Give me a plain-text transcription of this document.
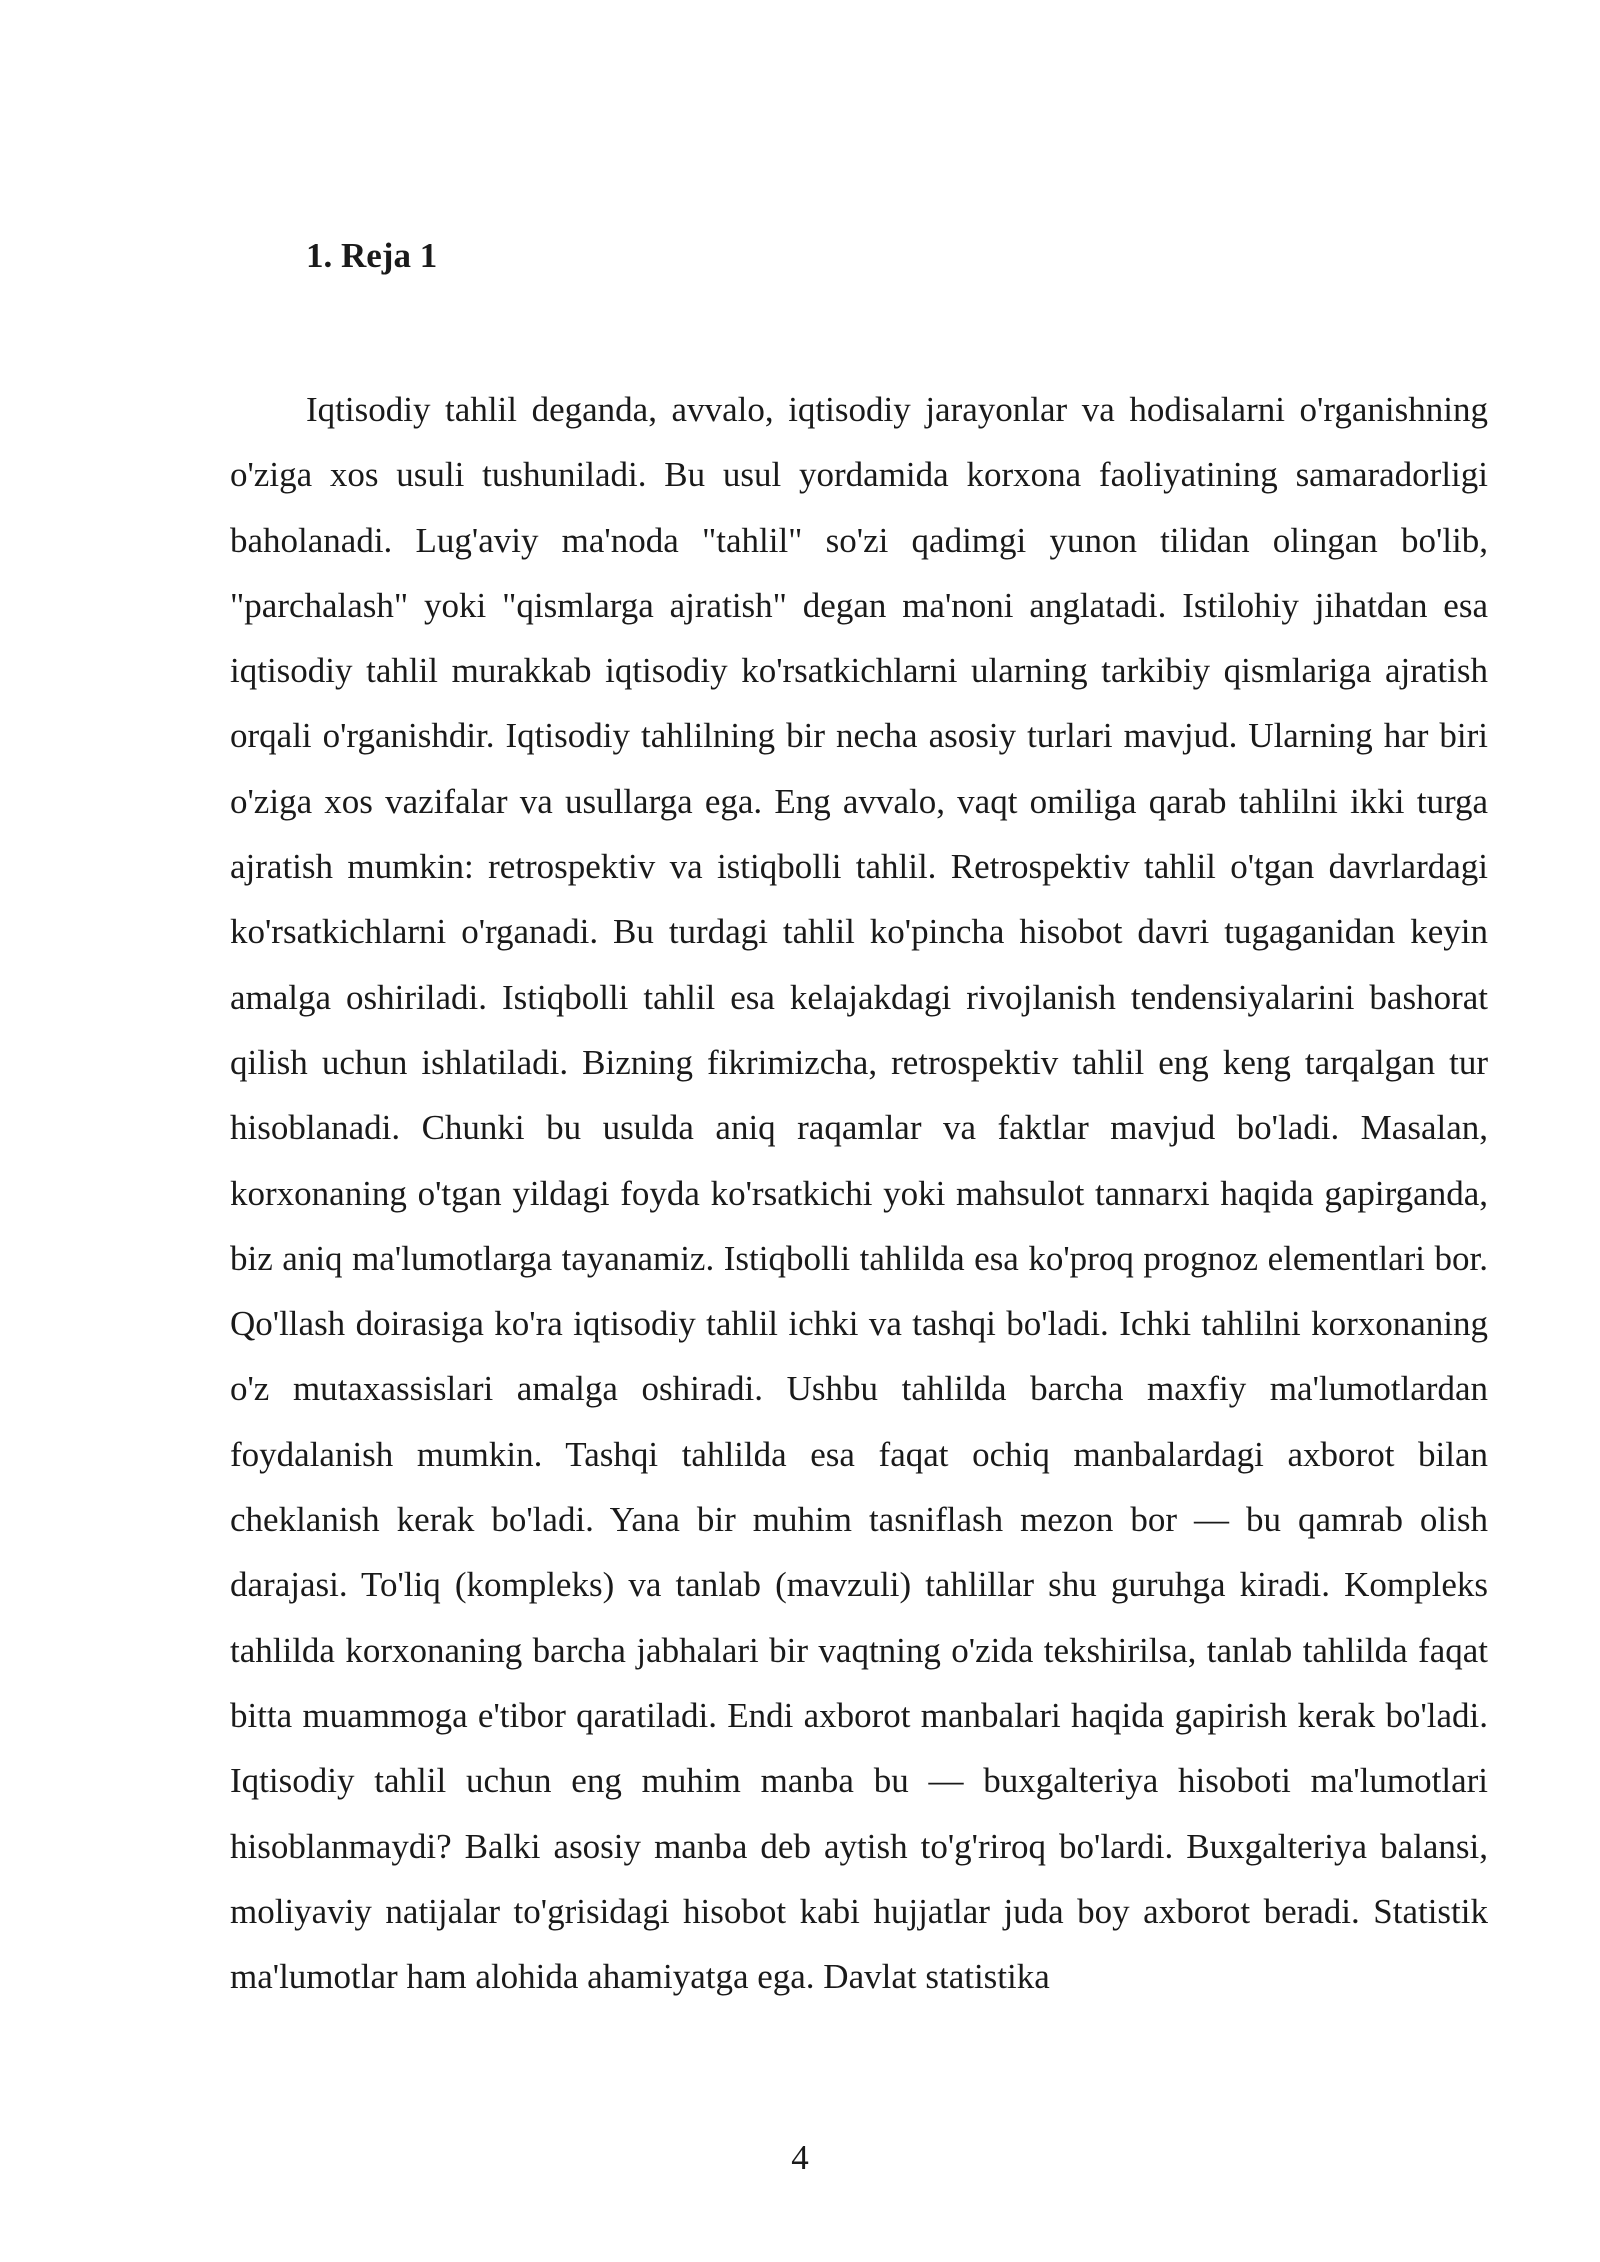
1. Reja 1

Iqtisodiy tahlil deganda, avvalo, iqtisodiy jarayonlar va hodisalarni o'rganishning o'ziga xos usuli tushuniladi. Bu usul yordamida korxona faoliyatining samaradorligi baholanadi. Lug'aviy ma'noda "tahlil" so'zi qadimgi yunon tilidan olingan bo'lib, "parchalash" yoki "qismlarga ajratish" degan ma'noni anglatadi. Istilohiy jihatdan esa iqtisodiy tahlil murakkab iqtisodiy ko'rsatkichlarni ularning tarkibiy qismlariga ajratish orqali o'rganishdir. Iqtisodiy tahlilning bir necha asosiy turlari mavjud. Ularning har biri o'ziga xos vazifalar va usullarga ega. Eng avvalo, vaqt omiliga qarab tahlilni ikki turga ajratish mumkin: retrospektiv va istiqbolli tahlil. Retrospektiv tahlil o'tgan davrlardagi ko'rsatkichlarni o'rganadi. Bu turdagi tahlil ko'pincha hisobot davri tugaganidan keyin amalga oshiriladi. Istiqbolli tahlil esa kelajakdagi rivojlanish tendensiyalarini bashorat qilish uchun ishlatiladi. Bizning fikrimizcha, retrospektiv tahlil eng keng tarqalgan tur hisoblanadi. Chunki bu usulda aniq raqamlar va faktlar mavjud bo'ladi. Masalan, korxonaning o'tgan yildagi foyda ko'rsatkichi yoki mahsulot tannarxi haqida gapirganda, biz aniq ma'lumotlarga tayanamiz. Istiqbolli tahlilda esa ko'proq prognoz elementlari bor. Qo'llash doirasiga ko'ra iqtisodiy tahlil ichki va tashqi bo'ladi. Ichki tahlilni korxonaning o'z mutaxassislari amalga oshiradi. Ushbu tahlilda barcha maxfiy ma'lumotlardan foydalanish mumkin. Tashqi tahlilda esa faqat ochiq manbalardagi axborot bilan cheklanish kerak bo'ladi. Yana bir muhim tasniflash mezon bor — bu qamrab olish darajasi. To'liq (kompleks) va tanlab (mavzuli) tahlillar shu guruhga kiradi. Kompleks tahlilda korxonaning barcha jabhalari bir vaqtning o'zida tekshirilsa, tanlab tahlilda faqat bitta muammoga e'tibor qaratiladi. Endi axborot manbalari haqida gapirish kerak bo'ladi. Iqtisodiy tahlil uchun eng muhim manba bu — buxgalteriya hisoboti ma'lumotlari hisoblanmaydi? Balki asosiy manba deb aytish to'g'riroq bo'lardi. Buxgalteriya balansi, moliyaviy natijalar to'grisidagi hisobot kabi hujjatlar juda boy axborot beradi. Statistik ma'lumotlar ham alohida ahamiyatga ega. Davlat statistika

4
